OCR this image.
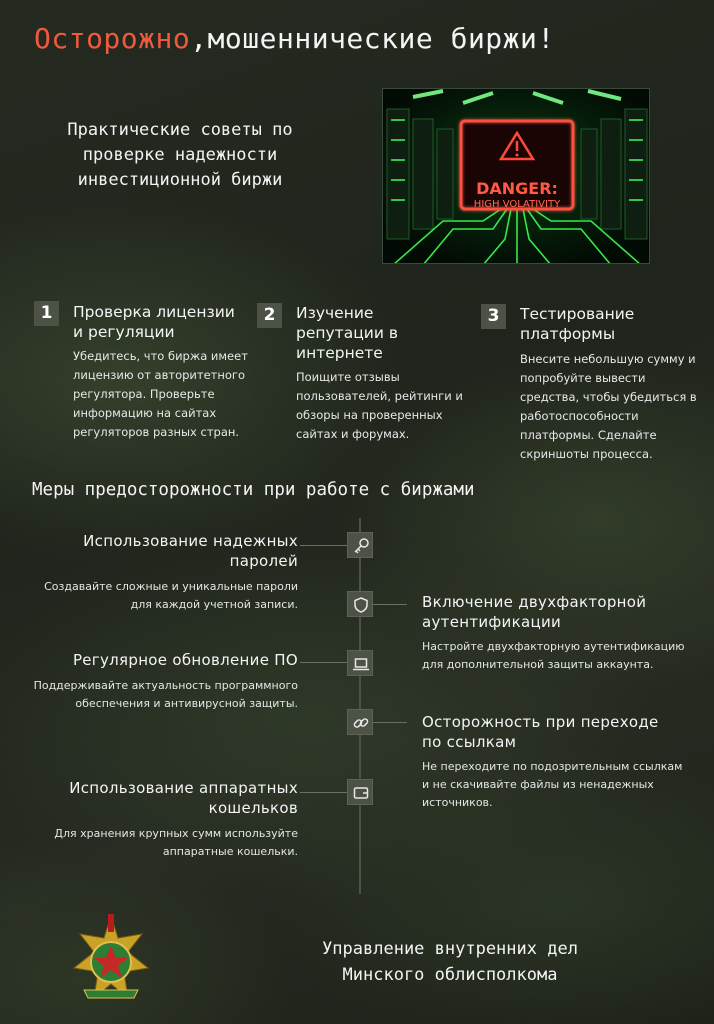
Осторожно,мошеннические биржи!
Практические советы по
проверке надежности
инвестиционной биржи	DANGER:
HIGH VOLATIVITY
1	Проверка лицензии
и регуляции
Убедитесь, что биржа имеет
лицензию от авторитетного
регулятора. Проверьте
информацию на сайтах
регуляторов разных стран.
2	Изучение
репутации в
интернете
Поищите отзывы
пользователей, рейтинги и
обзоры на проверенных
сайтах и форумах.
3	Тестирование
платформы
Внесите небольшую сумму и
попробуйте вывести
средства, чтобы убедиться в
работоспособности
платформы. Сделайте
скриншоты процесса.
Меры предосторожности при работе с биржами
Использование надежных
паролей
Создавайте сложные и уникальные пароли
для каждой учетной записи.	Включение двухфакторной
аутентификации
Настройте двухфакторную аутентификацию
для дополнительной защиты аккаунта.
Регулярное обновление ПО
Поддерживайте актуальность программного
обеспечения и антивирусной защиты.
Осторожность при переходе
по ссылкам
Не переходите по подозрительным ссылкам
и не скачивайте файлы из ненадежных
источников.
Использование аппаратных
кошельков
Для хранения крупных сумм используйте
аппаратные кошельки.
Управление внутренних дел
Минского облисполкома
